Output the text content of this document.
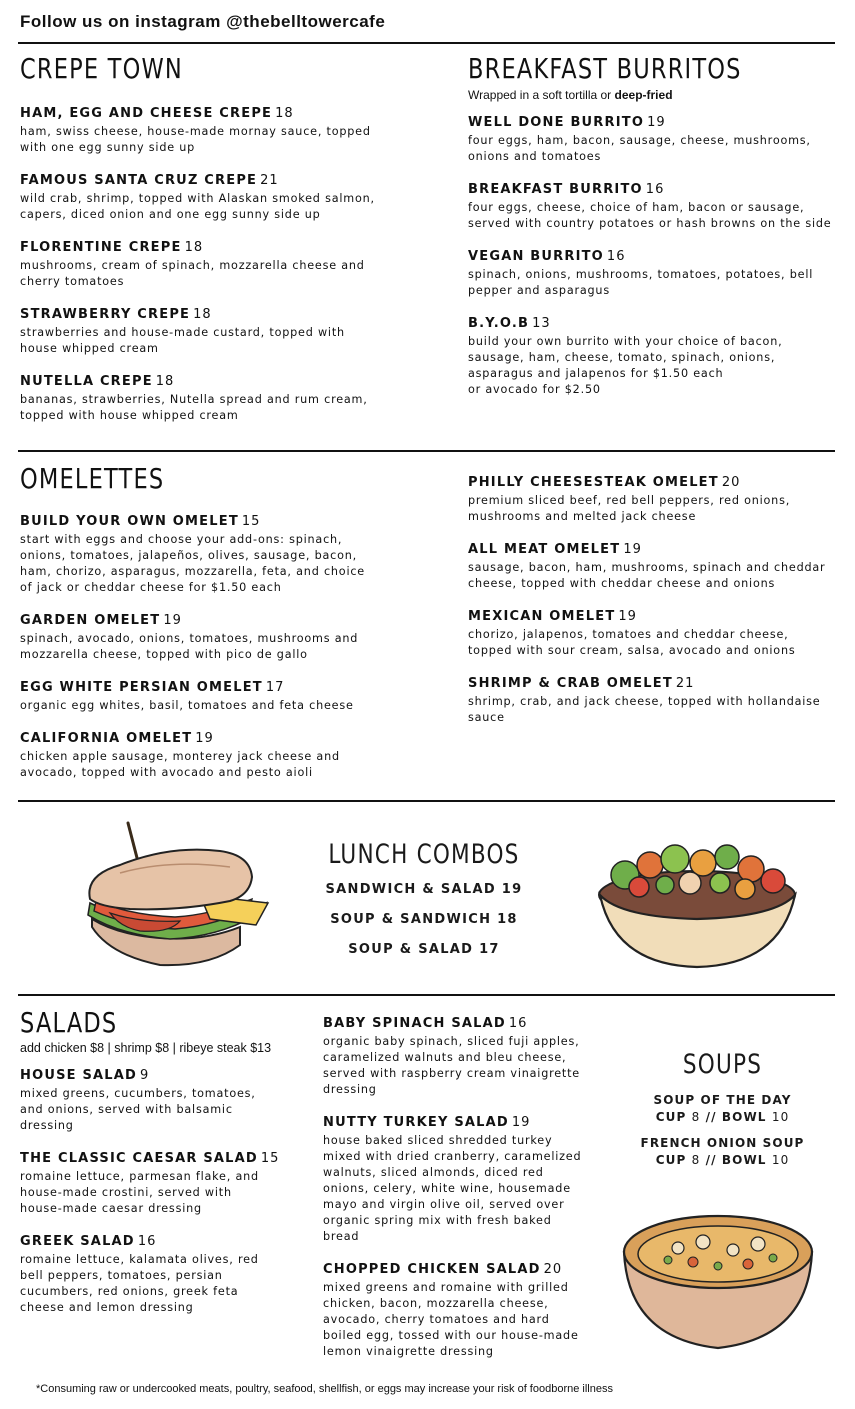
Follow us on instagram @thebelltowercafe
CREPE TOWN
HAM, EGG AND CHEESE CREPE 18
ham, swiss cheese, house-made mornay sauce, topped with one egg sunny side up
FAMOUS SANTA CRUZ CREPE 21
wild crab, shrimp, topped with Alaskan smoked salmon, capers, diced onion and one egg sunny side up
FLORENTINE CREPE 18
mushrooms, cream of spinach, mozzarella cheese and cherry tomatoes
STRAWBERRY CREPE 18
strawberries and house-made custard, topped with house whipped cream
NUTELLA CREPE 18
bananas, strawberries, Nutella spread and rum cream, topped with house whipped cream
BREAKFAST BURRITOS
Wrapped in a soft tortilla or deep-fried
WELL DONE BURRITO 19
four eggs, ham, bacon, sausage, cheese, mushrooms, onions and tomatoes
BREAKFAST BURRITO 16
four eggs, cheese, choice of ham, bacon or sausage, served with country potatoes or hash browns on the side
VEGAN BURRITO 16
spinach, onions, mushrooms, tomatoes, potatoes, bell pepper and asparagus
B.Y.O.B 13
build your own burrito with your choice of bacon, sausage, ham, cheese, tomato, spinach, onions, asparagus and jalapenos for $1.50 each
or avocado for $2.50
OMELETTES
BUILD YOUR OWN OMELET 15
start with eggs and choose your add-ons: spinach, onions, tomatoes, jalapeños, olives, sausage, bacon, ham, chorizo, asparagus, mozzarella, feta, and choice of jack or cheddar cheese for $1.50 each
GARDEN OMELET 19
spinach, avocado, onions, tomatoes, mushrooms and mozzarella cheese, topped with pico de gallo
EGG WHITE PERSIAN OMELET 17
organic egg whites, basil, tomatoes and feta cheese
CALIFORNIA OMELET 19
chicken apple sausage, monterey jack cheese and avocado, topped with avocado and pesto aioli
PHILLY CHEESESTEAK OMELET 20
premium sliced beef, red bell peppers, red onions, mushrooms and melted jack cheese
ALL MEAT OMELET 19
sausage, bacon, ham, mushrooms, spinach and cheddar cheese, topped with cheddar cheese and onions
MEXICAN OMELET 19
chorizo, jalapenos, tomatoes and cheddar cheese, topped with sour cream, salsa, avocado and onions
SHRIMP & CRAB OMELET 21
shrimp, crab, and jack cheese, topped with hollandaise sauce
LUNCH COMBOS
SANDWICH & SALAD 19
SOUP & SANDWICH 18
SOUP & SALAD 17
SALADS
add chicken $8 | shrimp $8 | ribeye steak $13
HOUSE SALAD 9
mixed greens, cucumbers, tomatoes, and onions, served with balsamic dressing
THE CLASSIC CAESAR SALAD 15
romaine lettuce, parmesan flake, and house-made crostini, served with house-made caesar dressing
GREEK SALAD 16
romaine lettuce, kalamata olives, red bell peppers, tomatoes, persian cucumbers, red onions, greek feta cheese and lemon dressing
BABY SPINACH SALAD 16
organic baby spinach, sliced fuji apples, caramelized walnuts and bleu cheese, served with raspberry cream vinaigrette dressing
NUTTY TURKEY SALAD 19
house baked sliced shredded turkey mixed with dried cranberry, caramelized walnuts, sliced almonds, diced red onions, celery, white wine, housemade mayo and virgin olive oil, served over organic spring mix with fresh baked bread
CHOPPED CHICKEN SALAD 20
mixed greens and romaine with grilled chicken, bacon, mozzarella cheese, avocado, cherry tomatoes and hard boiled egg, tossed with our house-made lemon vinaigrette dressing
SOUPS
SOUP OF THE DAY
CUP 8 // BOWL 10
FRENCH ONION SOUP
CUP 8 // BOWL 10
*Consuming raw or undercooked meats, poultry, seafood, shellfish, or eggs may increase your risk of foodborne illness
